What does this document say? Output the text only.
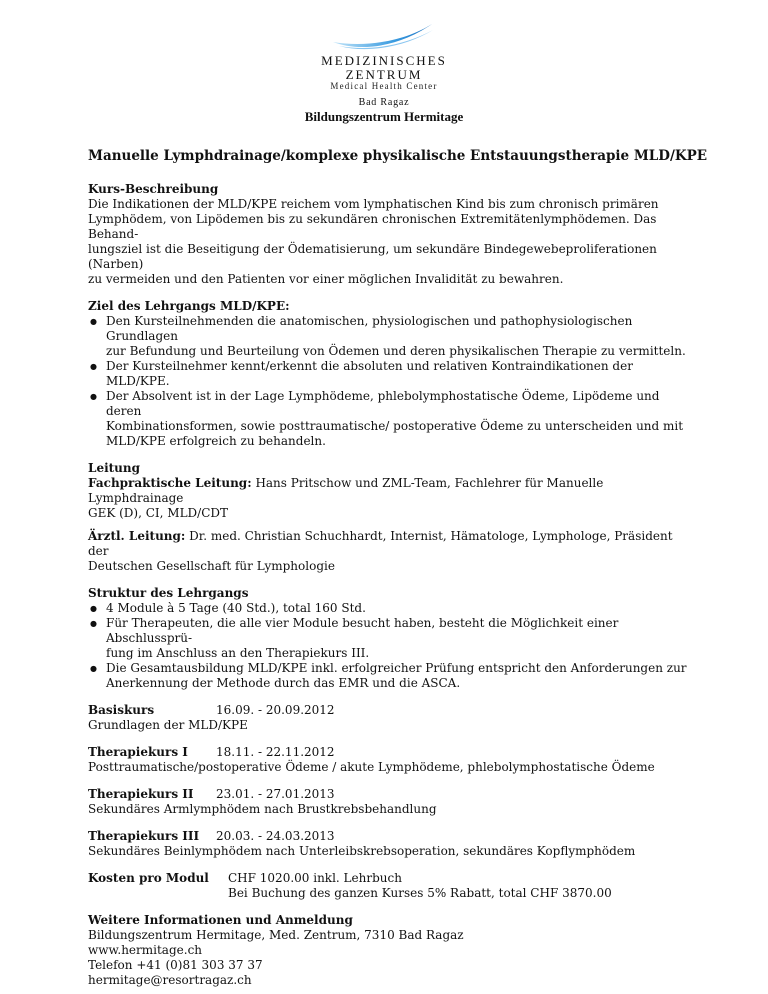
MEDIZINISCHES
ZENTRUM
Medical Health Center
Bad Ragaz
Bildungszentrum Hermitage
Manuelle Lymphdrainage/komplexe physikalische Entstauungstherapie MLD/KPE
Kurs-Beschreibung
Die Indikationen der MLD/KPE reichem vom lymphatischen Kind bis zum chronisch primären
Lymphödem, von Lipödemen bis zu sekundären chronischen Extremitätenlymphödemen. Das Behand-
lungsziel ist die Beseitigung der Ödematisierung, um sekundäre Bindegewebeproliferationen (Narben)
zu vermeiden und den Patienten vor einer möglichen Invalidität zu bewahren.
Ziel des Lehrgangs MLD/KPE:
● Den Kursteilnehmenden die anatomischen, physiologischen und pathophysiologischen Grundlagen
zur Befundung und Beurteilung von Ödemen und deren physikalischen Therapie zu vermitteln.
● Der Kursteilnehmer kennt/erkennt die absoluten und relativen Kontraindikationen der
MLD/KPE.
● Der Absolvent ist in der Lage Lymphödeme, phlebolymphostatische Ödeme, Lipödeme und deren
Kombinationsformen, sowie posttraumatische/ postoperative Ödeme zu unterscheiden und mit
MLD/KPE erfolgreich zu behandeln.
Leitung
Fachpraktische Leitung: Hans Pritschow und ZML-Team, Fachlehrer für Manuelle Lymphdrainage
GEK (D), CI, MLD/CDT
Ärztl. Leitung: Dr. med. Christian Schuchhardt, Internist, Hämatologe, Lymphologe, Präsident der
Deutschen Gesellschaft für Lymphologie
Struktur des Lehrgangs
● 4 Module à 5 Tage (40 Std.), total 160 Std.
● Für Therapeuten, die alle vier Module besucht haben, besteht die Möglichkeit einer Abschlussprü-
fung im Anschluss an den Therapiekurs III.
● Die Gesamtausbildung MLD/KPE inkl. erfolgreicher Prüfung entspricht den Anforderungen zur
Anerkennung der Methode durch das EMR und die ASCA.
Basiskurs	16.09. - 20.09.2012
Grundlagen der MLD/KPE
Therapiekurs I	18.11. - 22.11.2012
Posttraumatische/postoperative Ödeme / akute Lymphödeme, phlebolymphostatische Ödeme
Therapiekurs II	23.01. - 27.01.2013
Sekundäres Armlymphödem nach Brustkrebsbehandlung
Therapiekurs III	20.03. - 24.03.2013
Sekundäres Beinlymphödem nach Unterleibskrebsoperation, sekundäres Kopflymphödem
Kosten pro Modul	CHF 1020.00 inkl. Lehrbuch
Bei Buchung des ganzen Kurses 5% Rabatt, total CHF 3870.00
Weitere Informationen und Anmeldung
Bildungszentrum Hermitage, Med. Zentrum, 7310 Bad Ragaz
www.hermitage.ch
Telefon +41 (0)81 303 37 37
hermitage@resortragaz.ch
